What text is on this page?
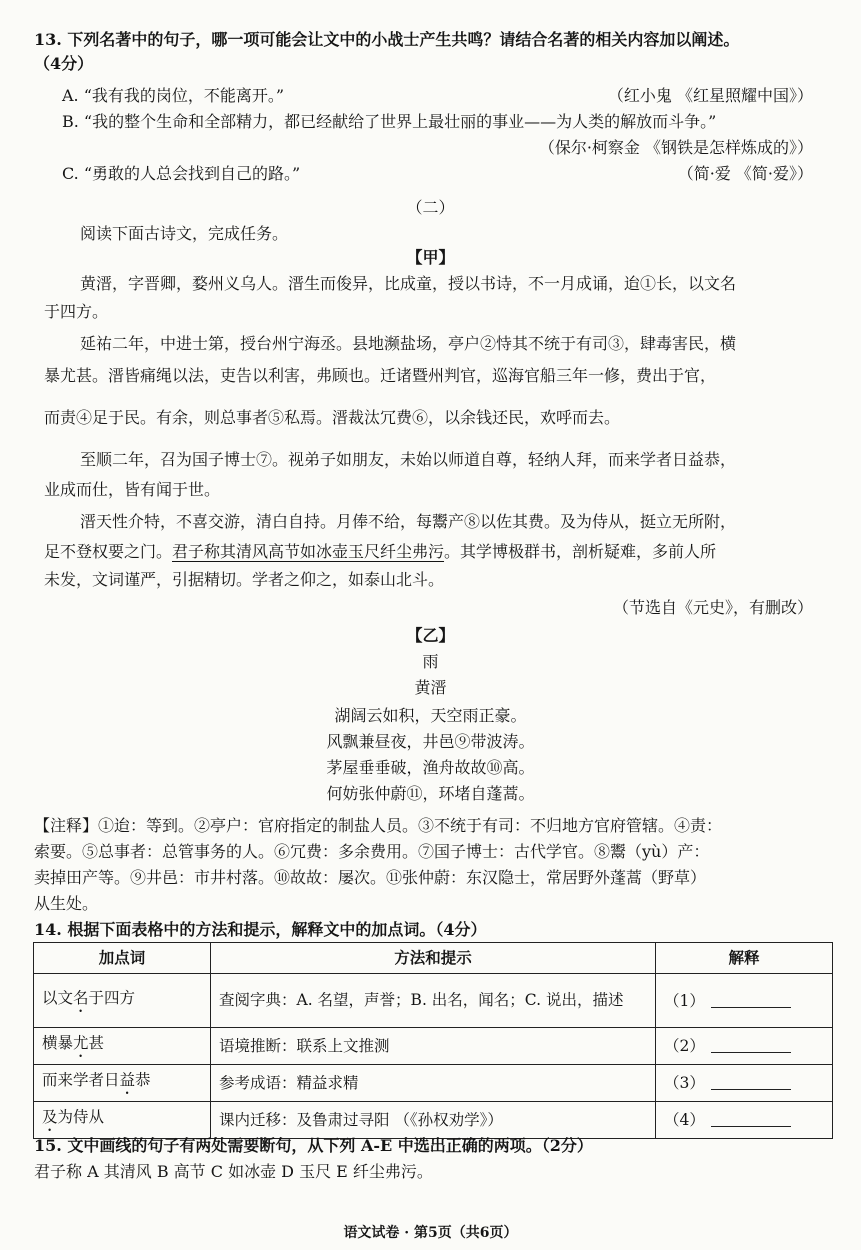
13. 下列名著中的句子，哪一项可能会让文中的小战士产生共鸣？请结合名著的相关内容加以阐述。
（4分）
A. “我有我的岗位，不能离开。”	（红小鬼 《红星照耀中国》）
B. “我的整个生命和全部精力，都已经献给了世界上最壮丽的事业——为人类的解放而斗争。”
（保尔·柯察金 《钢铁是怎样炼成的》）
C. “勇敢的人总会找到自己的路。”	（简·爱 《简·爱》）
（二）
阅读下面古诗文，完成任务。
【甲】
黄溍，字晋卿，婺州义乌人。溍生而俊异，比成童，授以书诗，不一月成诵，迨①长，以文名
于四方。
延祐二年，中进士第，授台州宁海丞。县地濒盐场，亭户②恃其不统于有司③，肆毒害民，横
暴尤甚。溍皆痛绳以法，吏告以利害，弗顾也。迁诸暨州判官，巡海官船三年一修，费出于官，
而责④足于民。有余，则总事者⑤私焉。溍裁汰冗费⑥，以余钱还民，欢呼而去。
至顺二年，召为国子博士⑦。视弟子如朋友，未始以师道自尊，轻纳人拜，而来学者日益恭，
业成而仕，皆有闻于世。
溍天性介特，不喜交游，清白自持。月俸不给，每鬻产⑧以佐其费。及为侍从，挺立无所附，
足不登权要之门。君子称其清风高节如冰壶玉尺纤尘弗污。其学博极群书，剖析疑难，多前人所
未发，文词谨严，引据精切。学者之仰之，如泰山北斗。
（节选自《元史》，有删改）
【乙】
雨
黄溍
湖阔云如积，天空雨正豪。
风飘兼昼夜，井邑⑨带波涛。
茅屋垂垂破，渔舟故故⑩高。
何妨张仲蔚⑪，环堵自蓬蒿。
【注释】①迨：等到。②亭户：官府指定的制盐人员。③不统于有司：不归地方官府管辖。④责：
索要。⑤总事者：总管事务的人。⑥冗费：多余费用。⑦国子博士：古代学官。⑧鬻（yù）产：
卖掉田产等。⑨井邑：市井村落。⑩故故：屡次。⑪张仲蔚：东汉隐士，常居野外蓬蒿（野草）
从生处。
14. 根据下面表格中的方法和提示，解释文中的加点词。（4分）
加点词	方法和提示	解释
以文名于四方	查阅字典：A. 名望，声誉；B. 出名，闻名；C. 说出，描述	（1）
横暴尤甚	语境推断：联系上文推测	（2）
而来学者日益恭	参考成语：精益求精	（3）
及为侍从	课内迁移：及鲁肃过寻阳 （《孙权劝学》）	（4）
15. 文中画线的句子有两处需要断句，从下列 A-E 中选出正确的两项。（2分）
君子称 A 其清风 B 高节 C 如冰壶 D 玉尺 E 纤尘弗污。
语文试卷 · 第5页（共6页）
